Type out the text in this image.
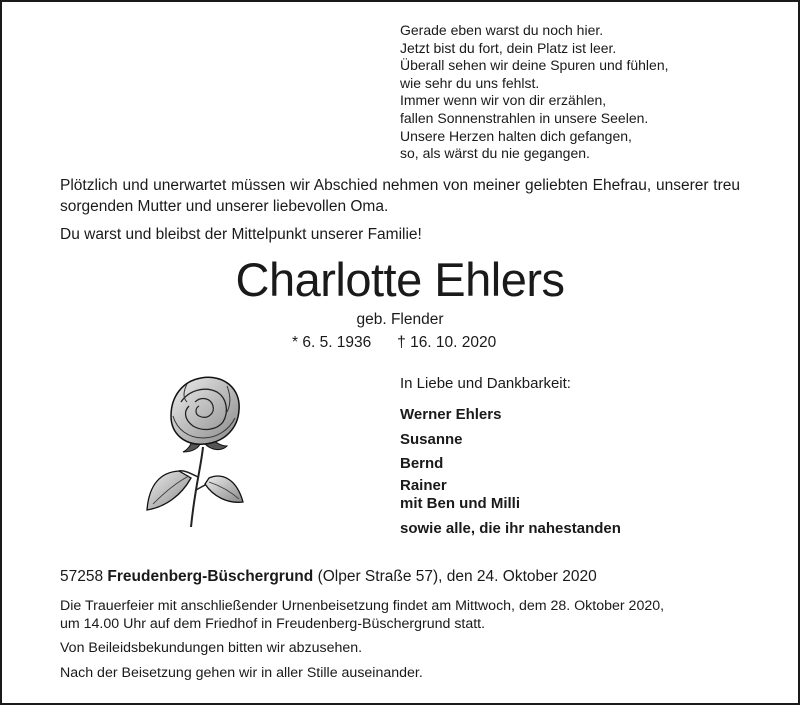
Gerade eben warst du noch hier.
Jetzt bist du fort, dein Platz ist leer.
Überall sehen wir deine Spuren und fühlen,
wie sehr du uns fehlst.
Immer wenn wir von dir erzählen,
fallen Sonnenstrahlen in unsere Seelen.
Unsere Herzen halten dich gefangen,
so, als wärst du nie gegangen.
Plötzlich und unerwartet müssen wir Abschied nehmen von meiner geliebten Ehefrau, unserer treu sorgenden Mutter und unserer liebevollen Oma.
Du warst und bleibst der Mittelpunkt unserer Familie!
Charlotte Ehlers
geb. Flender
* 6. 5. 1936 † 16. 10. 2020
In Liebe und Dankbarkeit:
Werner Ehlers
Susanne
Bernd
Rainer
mit Ben und Milli
sowie alle, die ihr nahestanden
57258 Freudenberg-Büschergrund (Olper Straße 57), den 24. Oktober 2020

Die Trauerfeier mit anschließender Urnenbeisetzung findet am Mittwoch, dem 28. Oktober 2020,
um 14.00 Uhr auf dem Friedhof in Freudenberg-Büschergrund statt.

Von Beileidsbekundungen bitten wir abzusehen.

Nach der Beisetzung gehen wir in aller Stille auseinander.
